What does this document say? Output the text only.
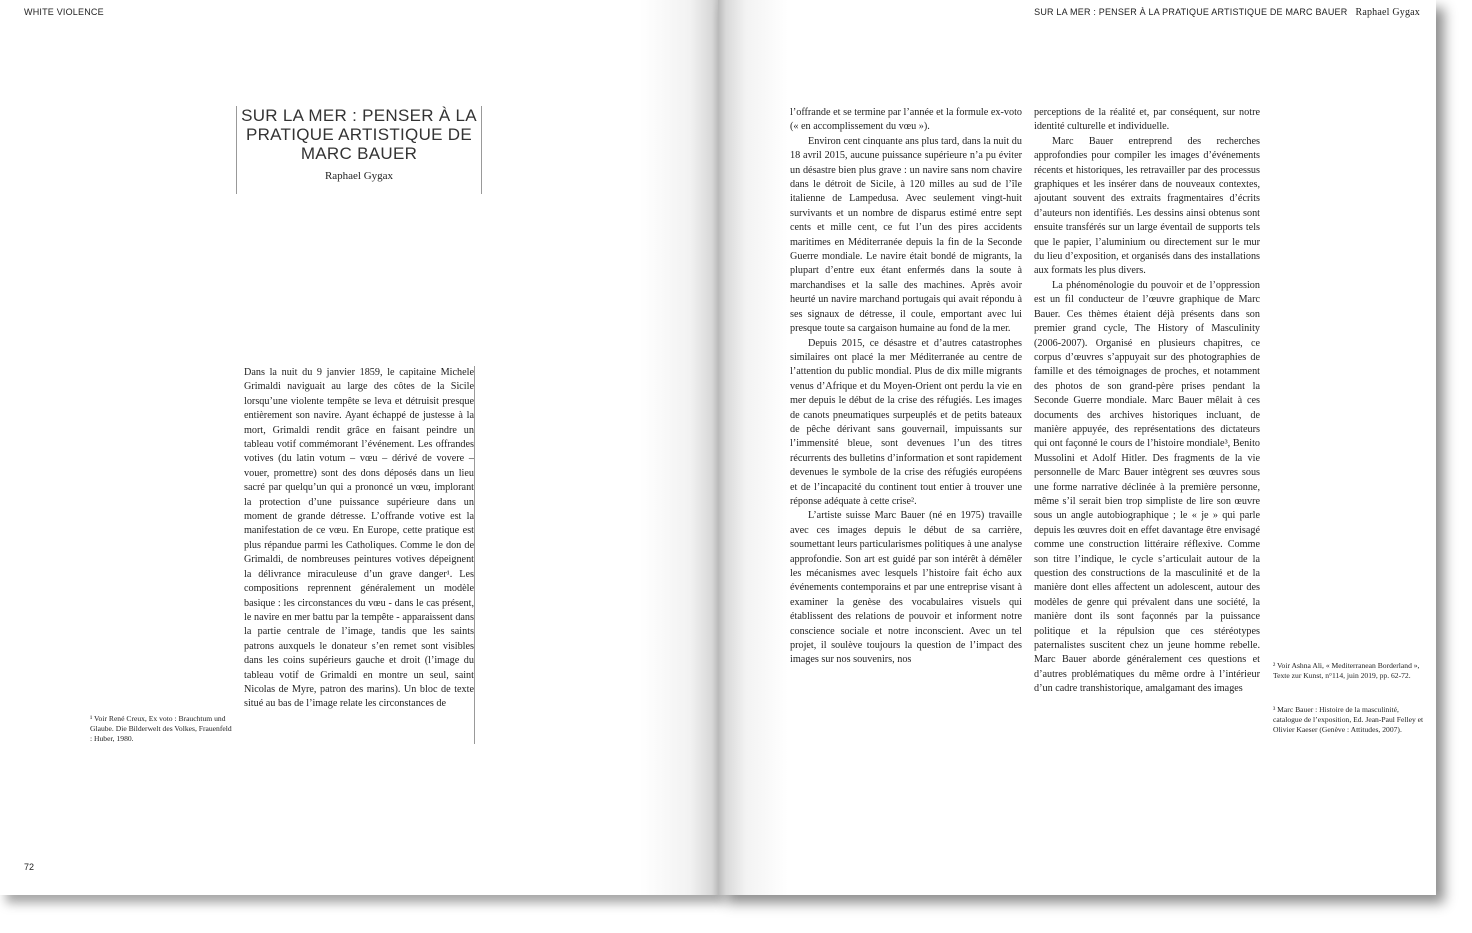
WHITE VIOLENCE
SUR LA MER : PENSER À LA
PRATIQUE ARTISTIQUE DE
MARC BAUER
Raphael Gygax

Dans la nuit du 9 janvier 1859, le capitaine Michele Grimaldi naviguait au large des côtes de la Sicile lorsqu’une violente tempête se leva et détruisit presque entièrement son navire. Ayant échappé de justesse à la mort, Grimaldi rendit grâce en faisant peindre un tableau votif commémorant l’événement. Les offrandes votives (du latin votum – vœu – dérivé de vovere – vouer, promettre) sont des dons déposés dans un lieu sacré par quelqu’un qui a prononcé un vœu, implorant la protection d’une puissance supérieure dans un moment de grande détresse. L’offrande votive est la manifestation de ce vœu. En Europe, cette pratique est plus répandue parmi les Catholiques. Comme le don de Grimaldi, de nombreuses peintures votives dépeignent la délivrance miraculeuse d’un grave danger¹. Les compositions reprennent généralement un modèle basique : les circonstances du vœu - dans le cas présent, le navire en mer battu par la tempête - apparaissent dans la partie centrale de l’image, tandis que les saints patrons auxquels le donateur s’en remet sont visibles dans les coins supérieurs gauche et droit (l’image du tableau votif de Grimaldi en montre un seul, saint Nicolas de Myre, patron des marins). Un bloc de texte situé au bas de l’image relate les circonstances de

¹ Voir René Creux, Ex voto : Brauchtum und Glaube. Die Bilderwelt des Volkes, Frauenfeld : Huber, 1980.
72
SUR LA MER : PENSER À LA PRATIQUE ARTISTIQUE DE MARC BAUER Raphael Gygax

l’offrande et se termine par l’année et la formule ex-voto (« en accomplissement du vœu »).

Environ cent cinquante ans plus tard, dans la nuit du 18 avril 2015, aucune puissance supérieure n’a pu éviter un désastre bien plus grave : un navire sans nom chavire dans le détroit de Sicile, à 120 milles au sud de l’île italienne de Lampedusa. Avec seulement vingt-huit survivants et un nombre de disparus estimé entre sept cents et mille cent, ce fut l’un des pires accidents maritimes en Méditerranée depuis la fin de la Seconde Guerre mondiale. Le navire était bondé de migrants, la plupart d’entre eux étant enfermés dans la soute à marchandises et la salle des machines. Après avoir heurté un navire marchand portugais qui avait répondu à ses signaux de détresse, il coule, emportant avec lui presque toute sa cargaison humaine au fond de la mer.

Depuis 2015, ce désastre et d’autres catastrophes similaires ont placé la mer Méditerranée au centre de l’attention du public mondial. Plus de dix mille migrants venus d’Afrique et du Moyen-Orient ont perdu la vie en mer depuis le début de la crise des réfugiés. Les images de canots pneumatiques surpeuplés et de petits bateaux de pêche dérivant sans gouvernail, impuissants sur l’immensité bleue, sont devenues l’un des titres récurrents des bulletins d’information et sont rapidement devenues le symbole de la crise des réfugiés européens et de l’incapacité du continent tout entier à trouver une réponse adéquate à cette crise².

L’artiste suisse Marc Bauer (né en 1975) travaille avec ces images depuis le début de sa carrière, soumettant leurs particularismes politiques à une analyse approfondie. Son art est guidé par son intérêt à démêler les mécanismes avec lesquels l’histoire fait écho aux événements contemporains et par une entreprise visant à examiner la genèse des vocabulaires visuels qui établissent des relations de pouvoir et informent notre conscience sociale et notre inconscient. Avec un tel projet, il soulève toujours la question de l’impact des images sur nos souvenirs, nos

perceptions de la réalité et, par conséquent, sur notre identité culturelle et individuelle.

Marc Bauer entreprend des recherches approfondies pour compiler les images d’événements récents et historiques, les retravailler par des processus graphiques et les insérer dans de nouveaux contextes, ajoutant souvent des extraits fragmentaires d’écrits d’auteurs non identifiés. Les dessins ainsi obtenus sont ensuite transférés sur un large éventail de supports tels que le papier, l’aluminium ou directement sur le mur du lieu d’exposition, et organisés dans des installations aux formats les plus divers.

La phénoménologie du pouvoir et de l’oppression est un fil conducteur de l’œuvre graphique de Marc Bauer. Ces thèmes étaient déjà présents dans son premier grand cycle, The History of Masculinity (2006-2007). Organisé en plusieurs chapitres, ce corpus d’œuvres s’appuyait sur des photographies de famille et des témoignages de proches, et notamment des photos de son grand-père prises pendant la Seconde Guerre mondiale. Marc Bauer mêlait à ces documents des archives historiques incluant, de manière appuyée, des représentations des dictateurs qui ont façonné le cours de l’histoire mondiale³, Benito Mussolini et Adolf Hitler. Des fragments de la vie personnelle de Marc Bauer intègrent ses œuvres sous une forme narrative déclinée à la première personne, même s’il serait bien trop simpliste de lire son œuvre sous un angle autobiographique ; le « je » qui parle depuis les œuvres doit en effet davantage être envisagé comme une construction littéraire réflexive. Comme son titre l’indique, le cycle s’articulait autour de la question des constructions de la masculinité et de la manière dont elles affectent un adolescent, autour des modèles de genre qui prévalent dans une société, la manière dont ils sont façonnés par la puissance politique et la répulsion que ces stéréotypes paternalistes suscitent chez un jeune homme rebelle. Marc Bauer aborde généralement ces questions et d’autres problématiques du même ordre à l’intérieur d’un cadre transhistorique, amalgamant des images

² Voir Ashna Ali, « Mediterranean Borderland », Texte zur Kunst, n°114, juin 2019, pp. 62-72.
³ Marc Bauer : Histoire de la masculinité, catalogue de l’exposition, Ed. Jean-Paul Felley et Olivier Kaeser (Genève : Attitudes, 2007).
